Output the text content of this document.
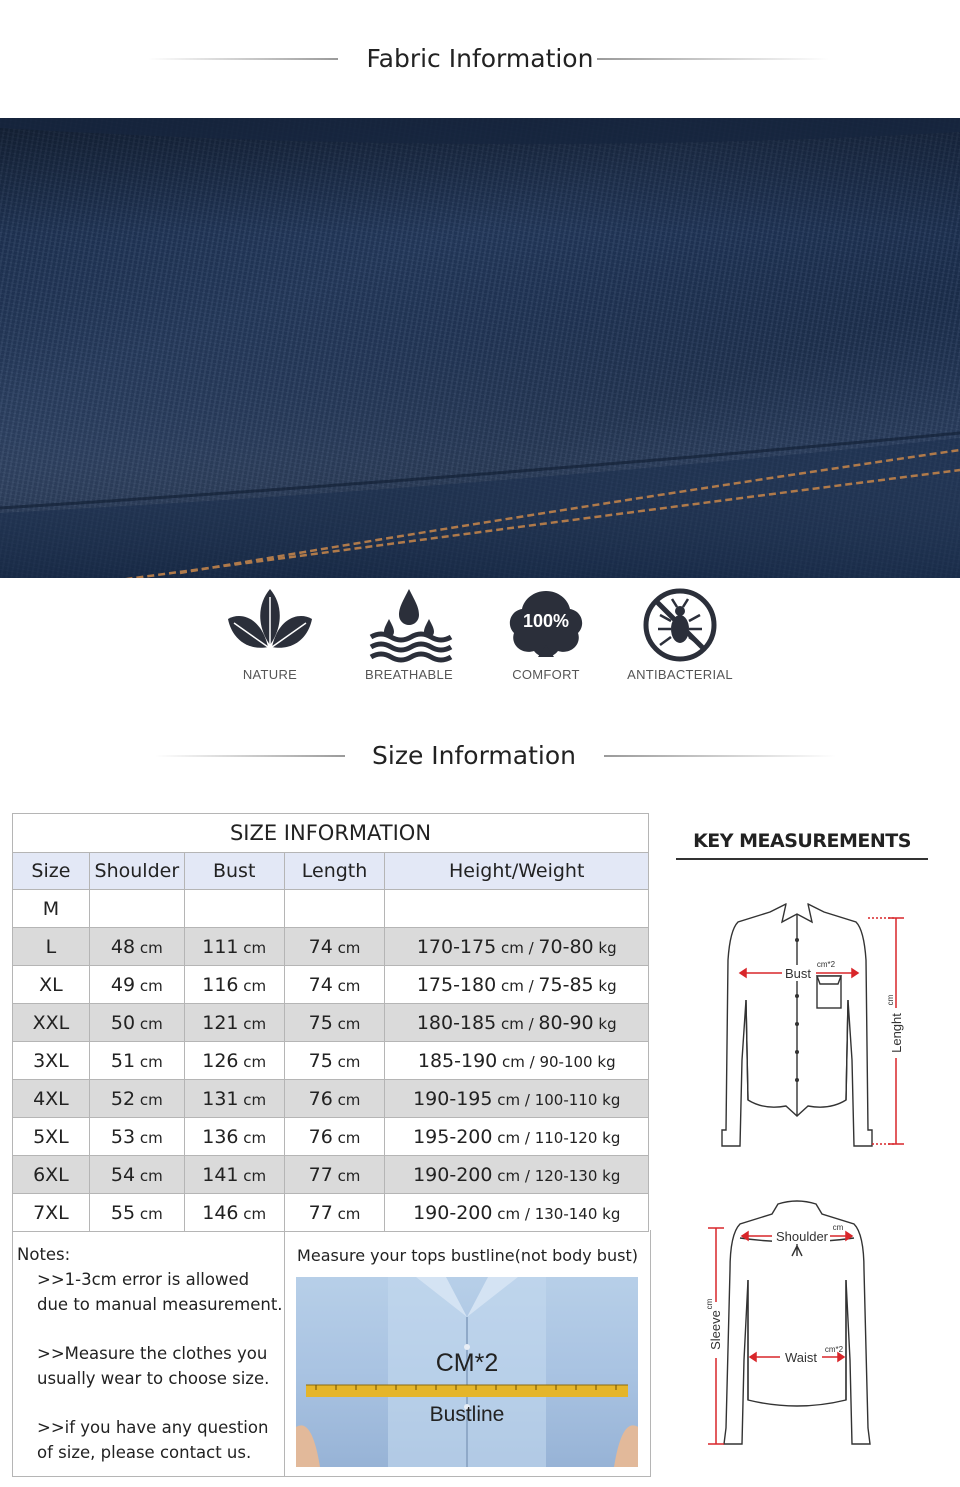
Fabric Information
NATURE	BREATHABLE
100%
COMFORT	ANTIBACTERIAL
Size Information
SIZE INFORMATION				
Size	Shoulder	Bust	Length	Height/Weight
M				
L	48 cm	111 cm	74 cm	170-175 cm / 70-80 kg
XL	49 cm	116 cm	74 cm	175-180 cm / 75-85 kg
XXL	50 cm	121 cm	75 cm	180-185 cm / 80-90 kg
3XL	51 cm	126 cm	75 cm	185-190 cm / 90-100 kg
4XL	52 cm	131 cm	76 cm	190-195 cm / 100-110 kg
5XL	53 cm	136 cm	76 cm	195-200 cm / 110-120 kg
6XL	54 cm	141 cm	77 cm	190-200 cm / 120-130 kg
7XL	55 cm	146 cm	77 cm	190-200 cm / 130-140 kg

Notes:

>>1-3cm error is allowed due to manual measurement.

>>Measure the clothes you usually wear to choose size.

>>if you have any question of size, please contact us.

Measure your tops bustline(not body bust)
CM*2
Bustline
KEY MEASUREMENTS
Bust
cm*2
Lenght
cm
Shoulder
cm
Waist
cm*2
Sleeve
cm
